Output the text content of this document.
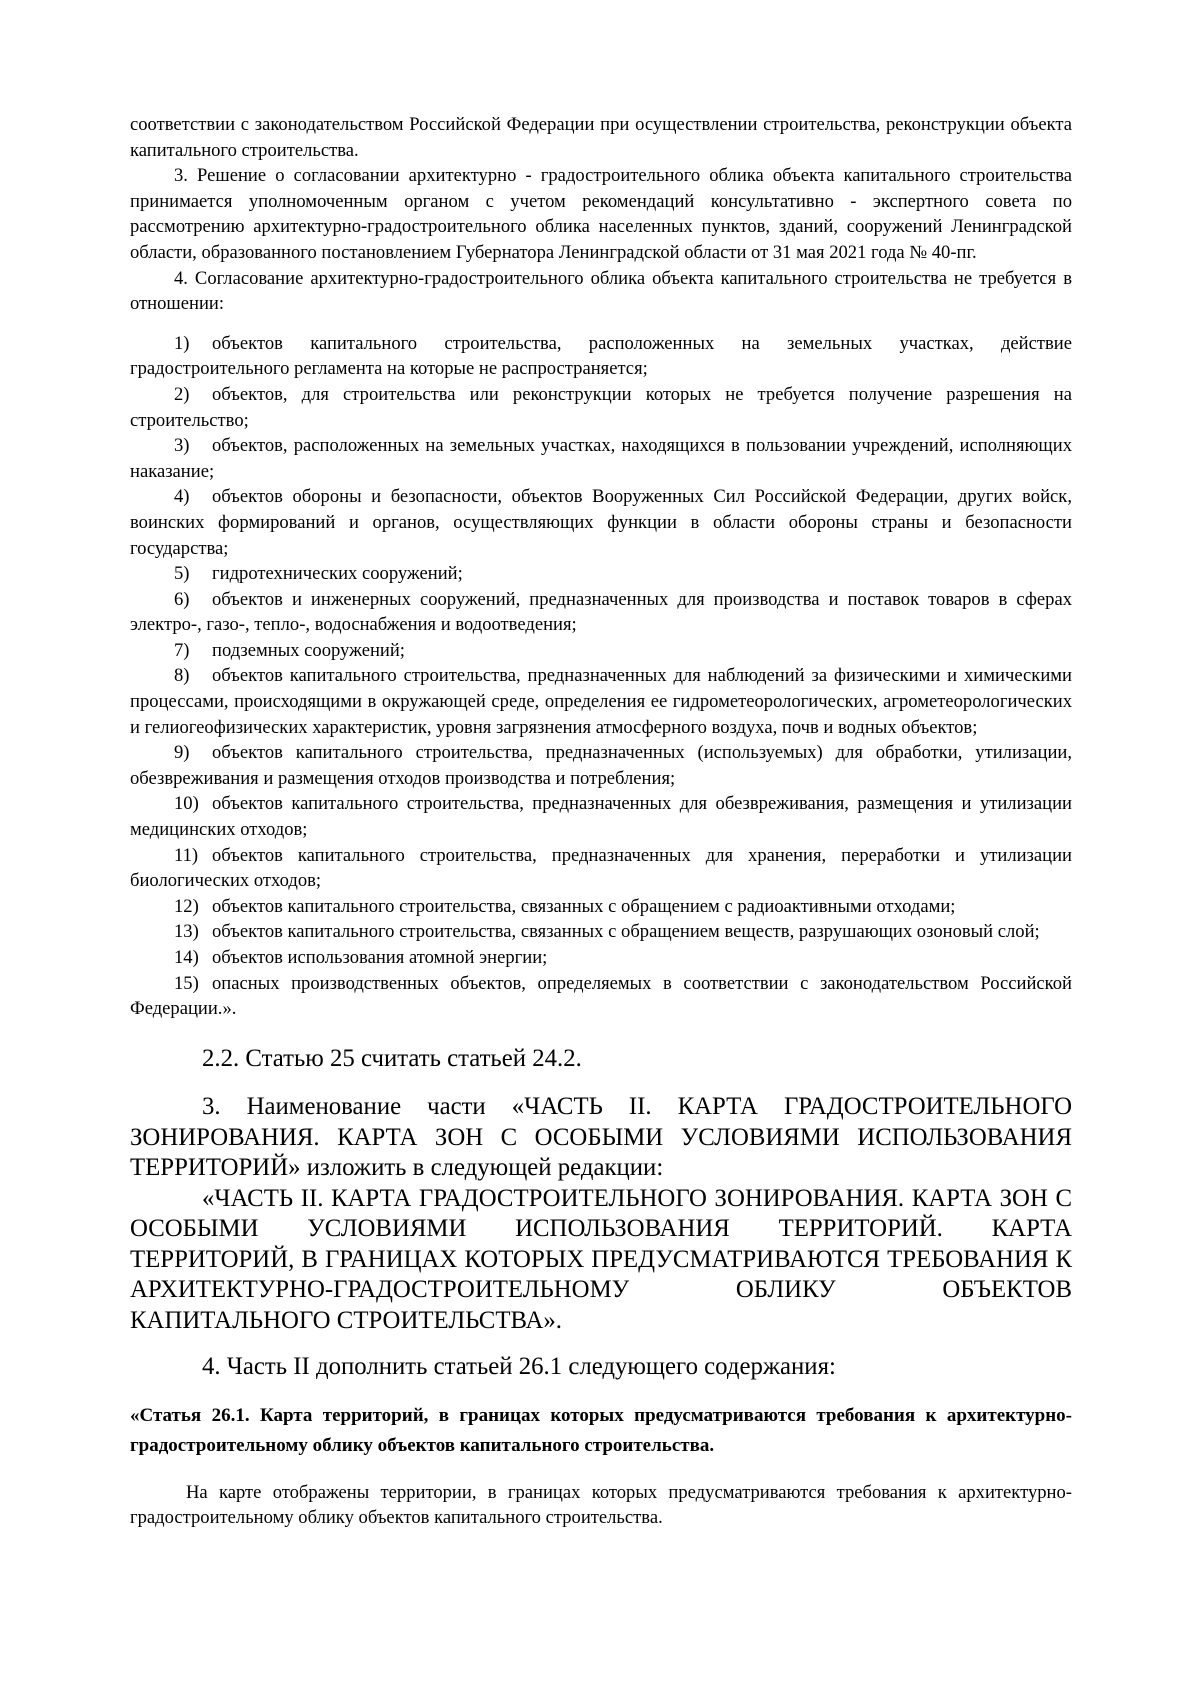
соответствии с законодательством Российской Федерации при осуществлении строительства, реконструкции объекта капитального строительства.

3. Решение о согласовании архитектурно - градостроительного облика объекта капитального строительства принимается уполномоченным органом с учетом рекомендаций консультативно - экспертного совета по рассмотрению архитектурно-градостроительного облика населенных пунктов, зданий, сооружений Ленинградской области, образованного постановлением Губернатора Ленинградской области от 31 мая 2021 года № 40-пг.

4. Согласование архитектурно-градостроительного облика объекта капитального строительства не требуется в отношении:

1) объектов капитального строительства, расположенных на земельных участках, действие градостроительного регламента на которые не распространяется;

2) объектов, для строительства или реконструкции которых не требуется получение разрешения на строительство;

3) объектов, расположенных на земельных участках, находящихся в пользовании учреждений, исполняющих наказание;

4) объектов обороны и безопасности, объектов Вооруженных Сил Российской Федерации, других войск, воинских формирований и органов, осуществляющих функции в области обороны страны и безопасности государства;

5) гидротехнических сооружений;

6) объектов и инженерных сооружений, предназначенных для производства и поставок товаров в сферах электро-, газо-, тепло-, водоснабжения и водоотведения;

7) подземных сооружений;

8) объектов капитального строительства, предназначенных для наблюдений за физическими и химическими процессами, происходящими в окружающей среде, определения ее гидрометеорологических, агрометеорологических и гелиогеофизических характеристик, уровня загрязнения атмосферного воздуха, почв и водных объектов;

9) объектов капитального строительства, предназначенных (используемых) для обработки, утилизации, обезвреживания и размещения отходов производства и потребления;

10) объектов капитального строительства, предназначенных для обезвреживания, размещения и утилизации медицинских отходов;

11) объектов капитального строительства, предназначенных для хранения, переработки и утилизации биологических отходов;

12) объектов капитального строительства, связанных с обращением с радиоактивными отходами;

13) объектов капитального строительства, связанных с обращением веществ, разрушающих озоновый слой;

14) объектов использования атомной энергии;

15) опасных производственных объектов, определяемых в соответствии с законодательством Российской Федерации.».

2.2. Статью 25 считать статьей 24.2.

3. Наименование части «ЧАСТЬ II. КАРТА ГРАДОСТРОИТЕЛЬНОГО ЗОНИРОВАНИЯ. КАРТА ЗОН С ОСОБЫМИ УСЛОВИЯМИ ИСПОЛЬЗОВАНИЯ ТЕРРИТОРИЙ» изложить в следующей редакции:

«ЧАСТЬ II. КАРТА ГРАДОСТРОИТЕЛЬНОГО ЗОНИРОВАНИЯ. КАРТА ЗОН С ОСОБЫМИ УСЛОВИЯМИ ИСПОЛЬЗОВАНИЯ ТЕРРИТОРИЙ. КАРТА ТЕРРИТОРИЙ, В ГРАНИЦАХ КОТОРЫХ ПРЕДУСМАТРИВАЮТСЯ ТРЕБОВАНИЯ К АРХИТЕКТУРНО-ГРАДОСТРОИТЕЛЬНОМУ ОБЛИКУ ОБЪЕКТОВ КАПИТАЛЬНОГО СТРОИТЕЛЬСТВА».

4. Часть II дополнить статьей 26.1 следующего содержания:

«Статья 26.1. Карта территорий, в границах которых предусматриваются требования к архитектурно-градостроительному облику объектов капитального строительства.

На карте отображены территории, в границах которых предусматриваются требования к архитектурно-градостроительному облику объектов капитального строительства.
